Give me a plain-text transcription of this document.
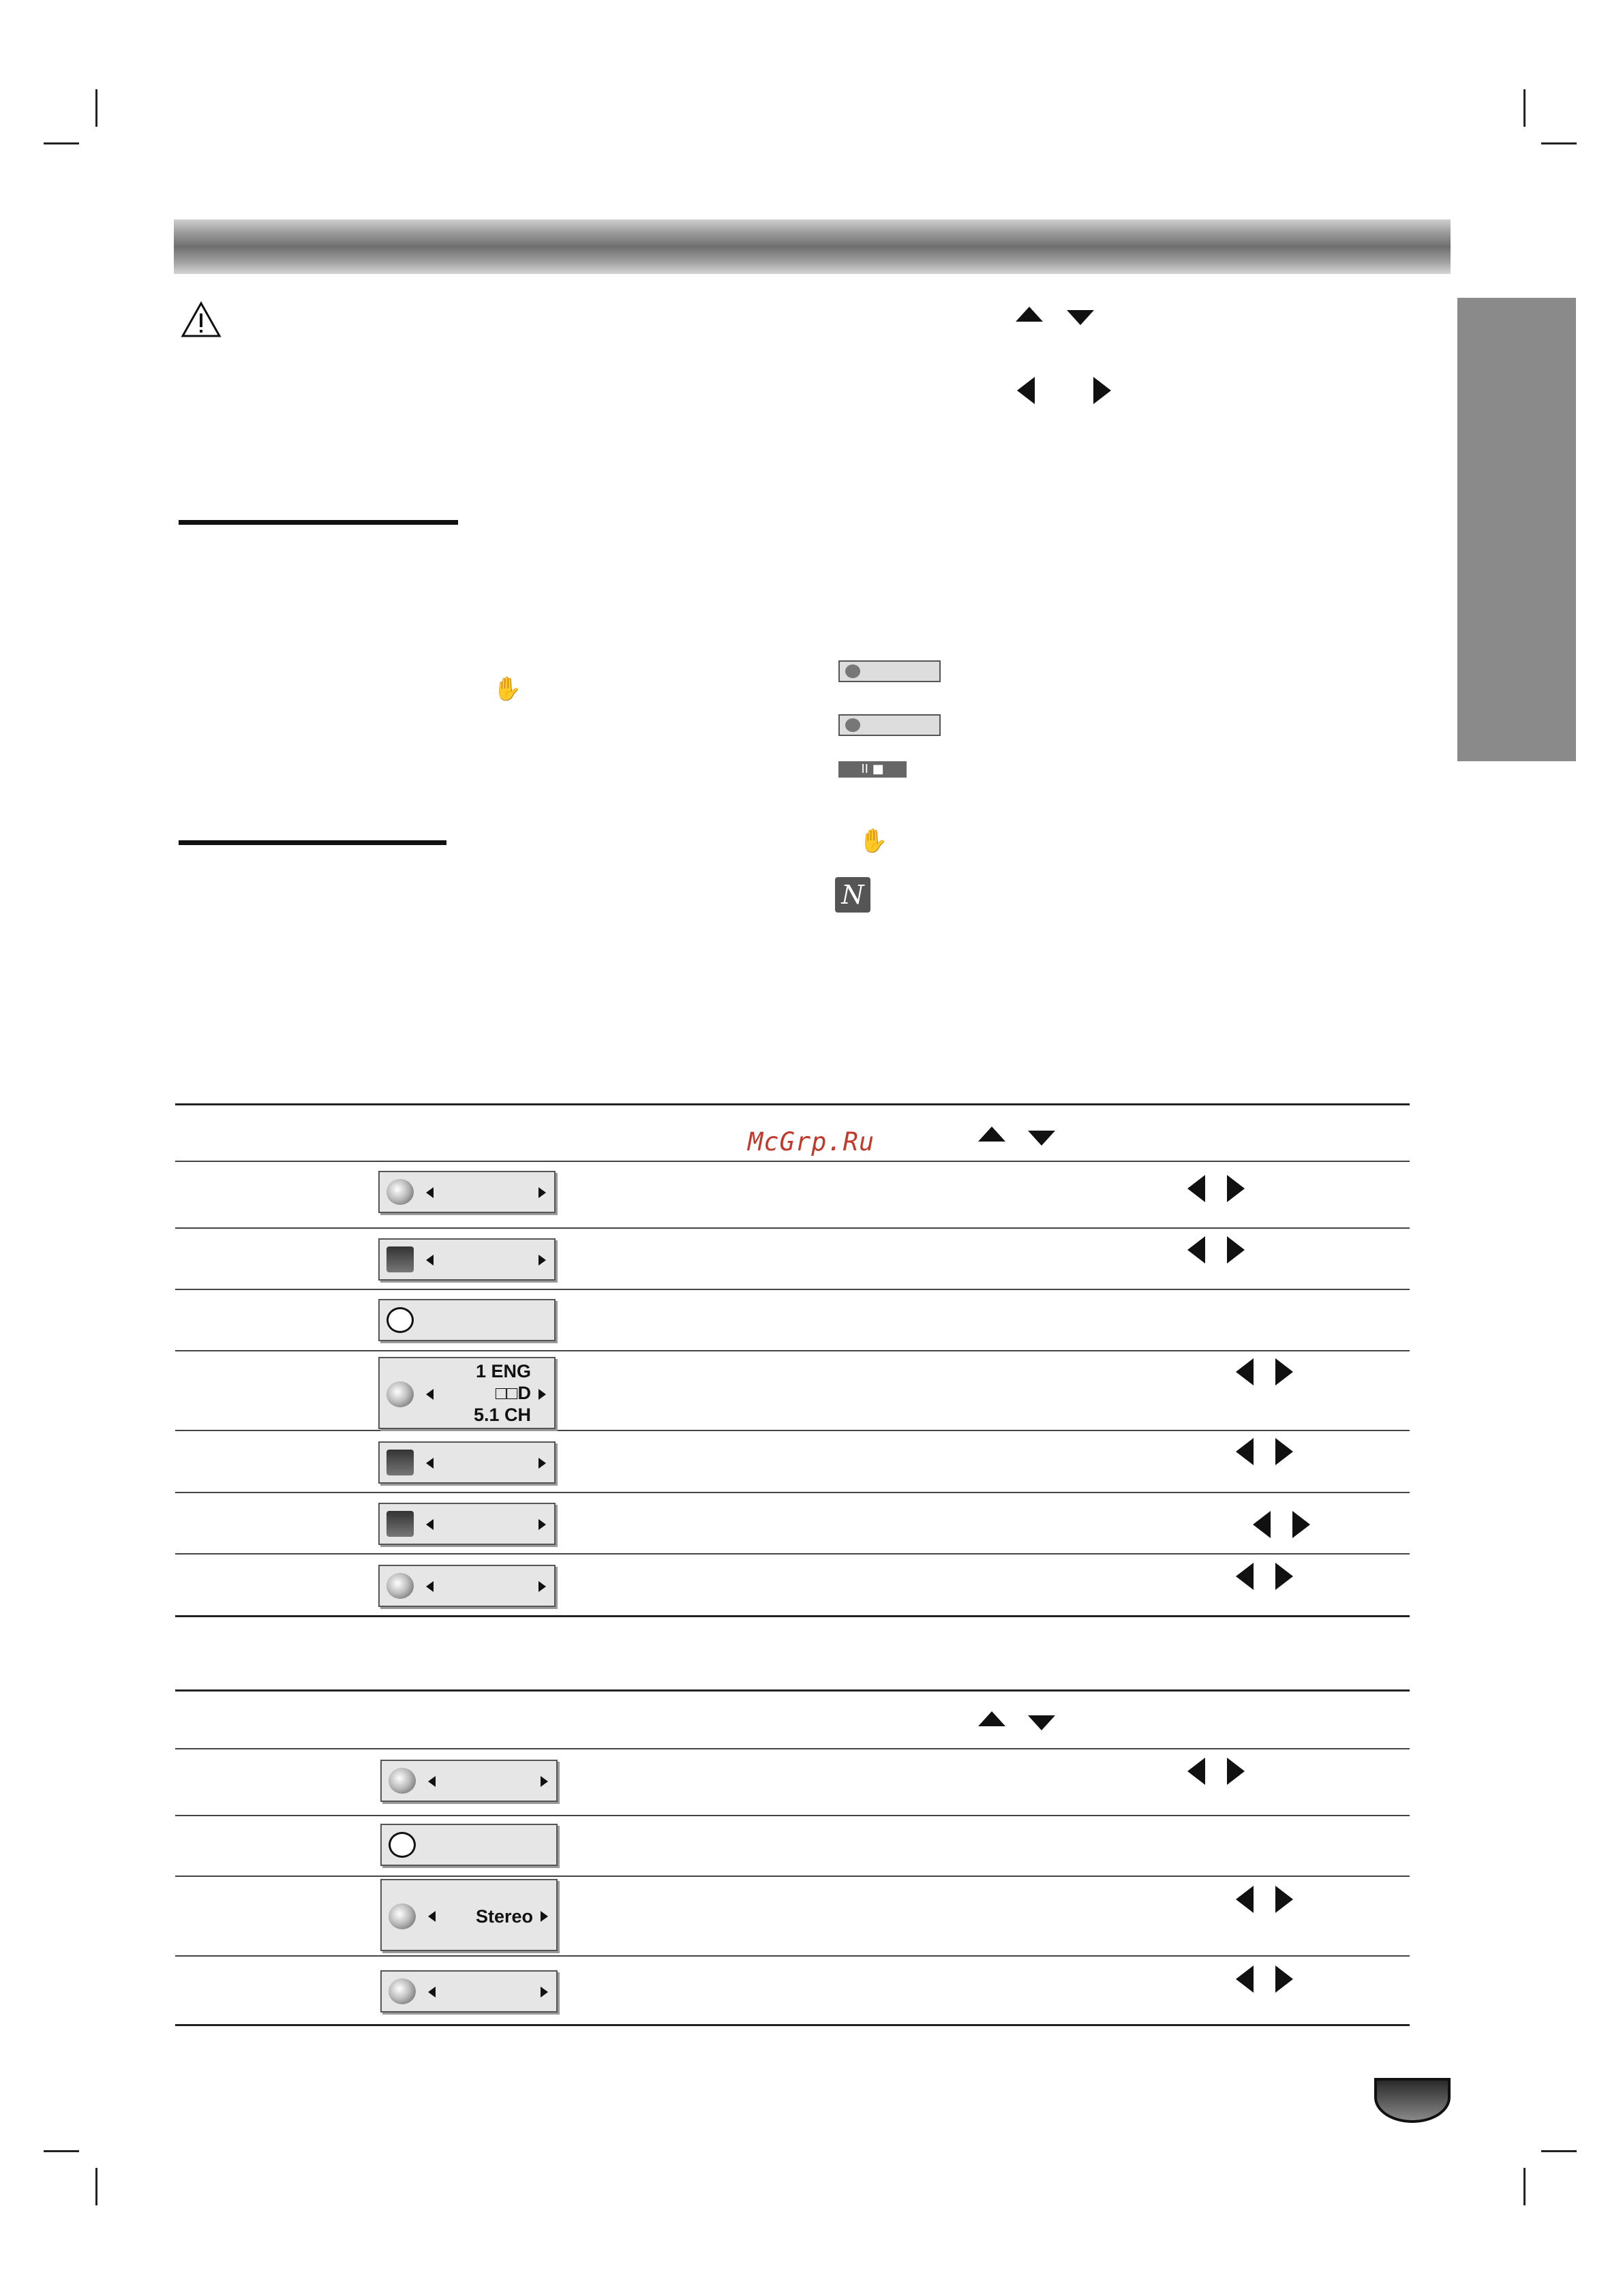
✋
II ■
✋
N
McGrp.Ru
1 ENG
□□D
5.1 CH
Stereo
